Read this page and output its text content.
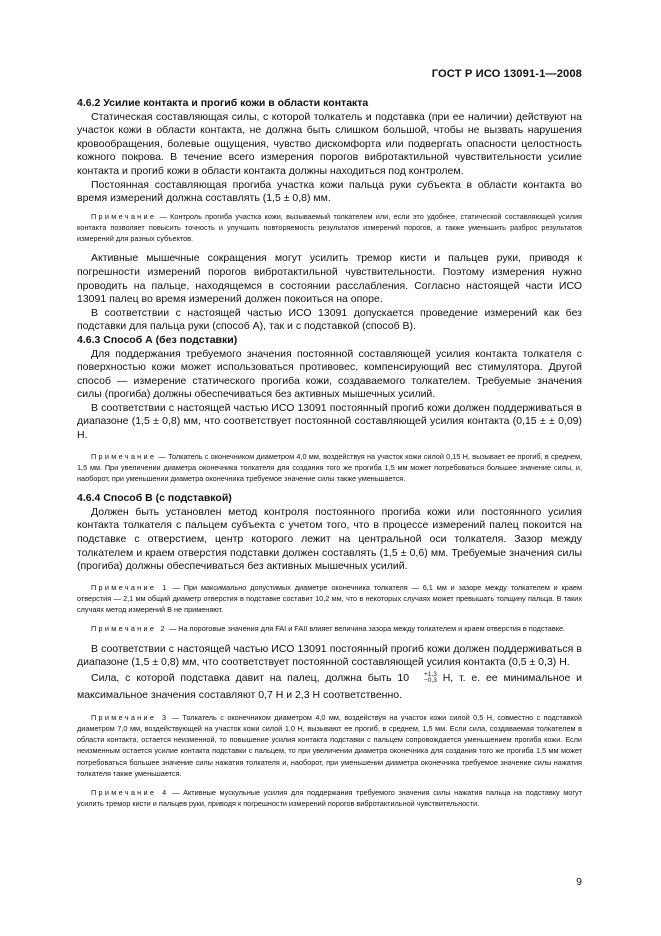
ГОСТ Р ИСО 13091-1—2008

4.6.2 Усилие контакта и прогиб кожи в области контакта

Статическая составляющая силы, с которой толкатель и подставка (при ее наличии) действуют на участок кожи в области контакта, не должна быть слишком большой, чтобы не вызвать нарушения кровообращения, болевые ощущения, чувство дискомфорта или подвергать опасности целостность кожного покрова. В течение всего измерения порогов вибротактильной чувствительности усилие контакта и прогиб кожи в области контакта должны находиться под контролем.

Постоянная составляющая прогиба участка кожи пальца руки субъекта в области контакта во время измерений должна составлять (1,5 ± 0,8) мм.

Примечание — Контроль прогиба участка кожи, вызываемый толкателем или, если это удобнее, статической составляющей усилия контакта позволяет повысить точность и улучшить повторяемость результатов измерений порогов, а также уменьшить разброс результатов измерений для разных субъектов.

Активные мышечные сокращения могут усилить тремор кисти и пальцев руки, приводя к погрешности измерений порогов вибротактильной чувствительности. Поэтому измерения нужно проводить на пальце, находящемся в состоянии расслабления. Согласно настоящей части ИСО 13091 палец во время измерений должен покоиться на опоре.

В соответствии с настоящей частью ИСО 13091 допускается проведение измерений как без подставки для пальца руки (способ А), так и с подставкой (способ В).

4.6.3 Способ А (без подставки)

Для поддержания требуемого значения постоянной составляющей усилия контакта толкателя с поверхностью кожи может использоваться противовес, компенсирующий вес стимулятора. Другой способ — измерение статического прогиба кожи, создаваемого толкателем. Требуемые значения силы (прогиба) должны обеспечиваться без активных мышечных усилий.

В соответствии с настоящей частью ИСО 13091 постоянный прогиб кожи должен поддерживаться в диапазоне (1,5 ± 0,8) мм, что соответствует постоянной составляющей усилия контакта (0,15 ± ± 0,09) Н.

Примечание — Толкатель с оконечником диаметром 4,0 мм, воздействуя на участок кожи силой 0,15 Н, вызывает ее прогиб, в среднем, 1,5 мм. При увеличении диаметра оконечника толкателя для создания того же прогиба 1,5 мм может потребоваться большее значение силы, и, наоборот, при уменьшении диаметра оконечника требуемое значение силы также уменьшается.

4.6.4 Способ В (с подставкой)

Должен быть установлен метод контроля постоянного прогиба кожи или постоянного усилия контакта толкателя с пальцем субъекта с учетом того, что в процессе измерений палец покоится на подставке с отверстием, центр которого лежит на центральной оси толкателя. Зазор между толкателем и краем отверстия подставки должен составлять (1,5 ± 0,6) мм. Требуемые значения силы (прогиба) должны обеспечиваться без активных мышечных усилий.

Примечание 1 — При максимально допустимых диаметре оконечника толкателя — 6,1 мм и зазоре между толкателем и краем отверстия — 2,1 мм общий диаметр отверстия в подставке составит 10,2 мм, что в некоторых случаях может превышать толщину пальца. В таких случаях метод измерений В не применяют.

Примечание 2 — На пороговые значения для FAI и FAII влияет величина зазора между толкателем и краем отверстия в подставке.

В соответствии с настоящей частью ИСО 13091 постоянный прогиб кожи должен поддерживаться в диапазоне (1,5 ± 0,8) мм, что соответствует постоянной составляющей усилия контакта (0,5 ± 0,3) Н.

Сила, с которой подставка давит на палец, должна быть 10	+1,3
−0,3 Н, т. е. ее минимальное и максимальное значения составляют 0,7 Н и 2,3 Н соответственно.

Примечание 3 — Толкатель с оконечником диаметром 4,0 мм, воздействуя на участок кожи силой 0,5 Н, совместно с подставкой диаметром 7,0 мм, воздействующей на участок кожи силой 1,0 Н, вызывают ее прогиб, в среднем, 1,5 мм. Если сила, создаваемая толкателем в области контакта, остается неизменной, то повышение усилия контакта подставки с пальцем сопровождается уменьшением прогиба кожи. Если неизменным остается усилие контакта подставки с пальцем, то при увеличении диаметра оконечника для создания того же прогиба 1,5 мм может потребоваться большее значение силы нажатия толкателя и, наоборот, при уменьшении диаметра оконечника требуемое значение силы нажатия толкателя также уменьшается.

Примечание 4 — Активные мускульные усилия для поддержания требуемого значения силы нажатия пальца на подставку могут усилить тремор кисти и пальцев руки, приводя к погрешности измерений порогов вибротактильной чувствительности.

9
